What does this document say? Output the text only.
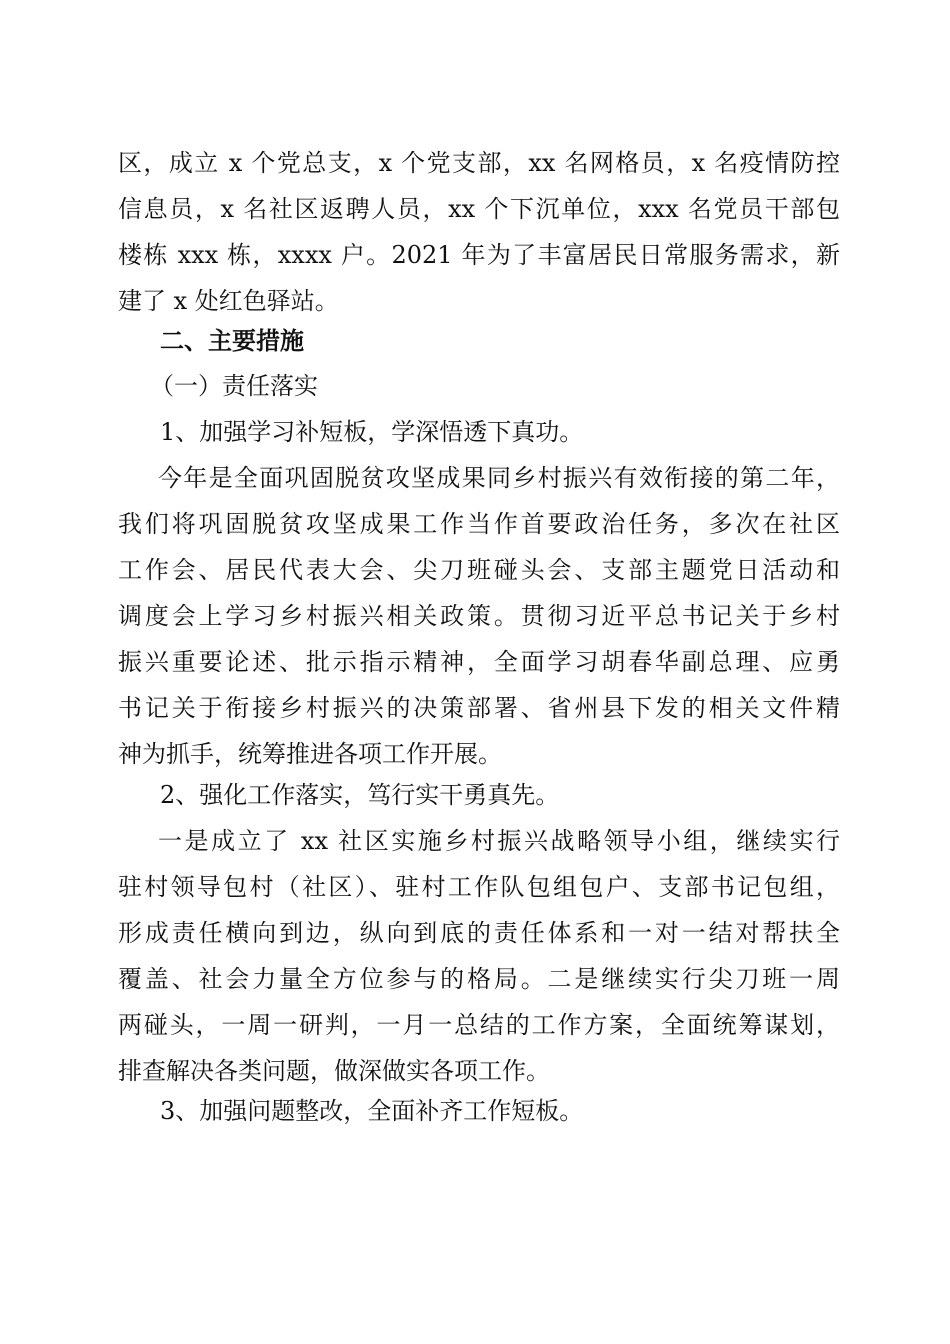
区，成立 x 个党总支，x 个党支部，xx 名网格员，x 名疫情防控
信息员，x 名社区返聘人员，xx 个下沉单位，xxx 名党员干部包
楼栋 xxx 栋，xxxx 户。2021 年为了丰富居民日常服务需求，新
建了 x 处红色驿站。
二、主要措施
（一）责任落实
1、加强学习补短板，学深悟透下真功。
今年是全面巩固脱贫攻坚成果同乡村振兴有效衔接的第二年，
我们将巩固脱贫攻坚成果工作当作首要政治任务，多次在社区
工作会、居民代表大会、尖刀班碰头会、支部主题党日活动和
调度会上学习乡村振兴相关政策。贯彻习近平总书记关于乡村
振兴重要论述、批示指示精神，全面学习胡春华副总理、应勇
书记关于衔接乡村振兴的决策部署、省州县下发的相关文件精
神为抓手，统筹推进各项工作开展。
2、强化工作落实，笃行实干勇真先。
一是成立了 xx 社区实施乡村振兴战略领导小组，继续实行
驻村领导包村（社区）、驻村工作队包组包户、支部书记包组，
形成责任横向到边，纵向到底的责任体系和一对一结对帮扶全
覆盖、社会力量全方位参与的格局。二是继续实行尖刀班一周
两碰头，一周一研判，一月一总结的工作方案，全面统筹谋划，
排查解决各类问题，做深做实各项工作。
3、加强问题整改，全面补齐工作短板。
